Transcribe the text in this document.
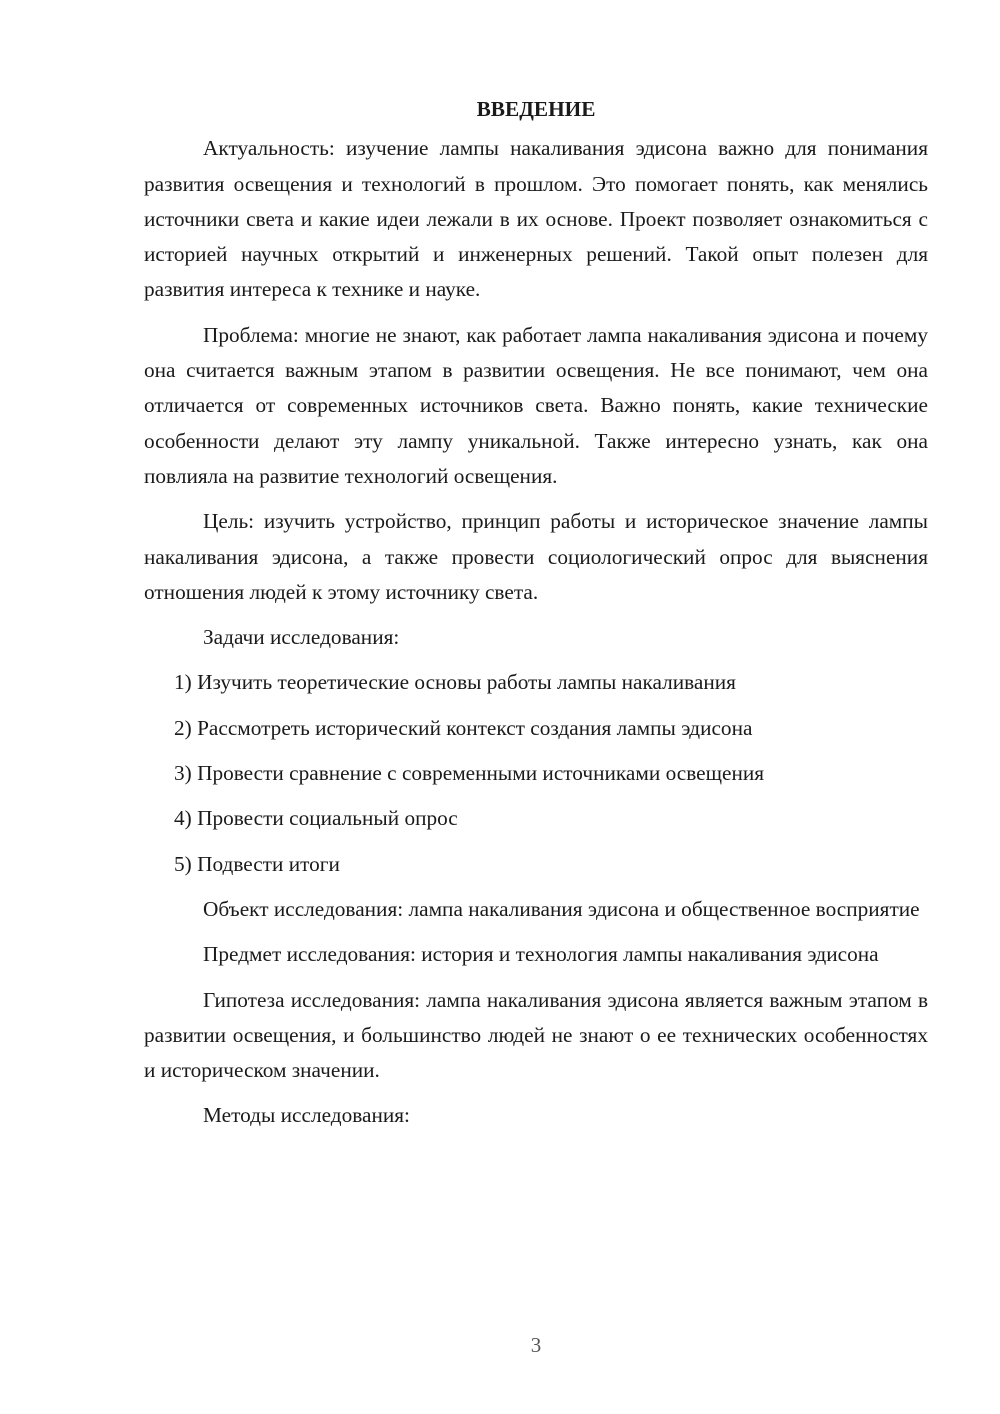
ВВЕДЕНИЕ

Актуальность: изучение лампы накаливания эдисона важно для понимания развития освещения и технологий в прошлом. Это помогает понять, как менялись источники света и какие идеи лежали в их основе. Проект позволяет ознакомиться с историей научных открытий и инженерных решений. Такой опыт полезен для развития интереса к технике и науке.

Проблема: многие не знают, как работает лампа накаливания эдисона и почему она считается важным этапом в развитии освещения. Не все понимают, чем она отличается от современных источников света. Важно понять, какие технические особенности делают эту лампу уникальной. Также интересно узнать, как она повлияла на развитие технологий освещения.

Цель: изучить устройство, принцип работы и историческое значение лампы накаливания эдисона, а также провести социологический опрос для выяснения отношения людей к этому источнику света.

Задачи исследования:

1) Изучить теоретические основы работы лампы накаливания
2) Рассмотреть исторический контекст создания лампы эдисона
3) Провести сравнение с современными источниками освещения
4) Провести социальный опрос
5) Подвести итоги

Объект исследования: лампа накаливания эдисона и общественное восприятие

Предмет исследования: история и технология лампы накаливания эдисона

Гипотеза исследования: лампа накаливания эдисона является важным этапом в развитии освещения, и большинство людей не знают о ее технических особенностях и историческом значении.

Методы исследования:

3
